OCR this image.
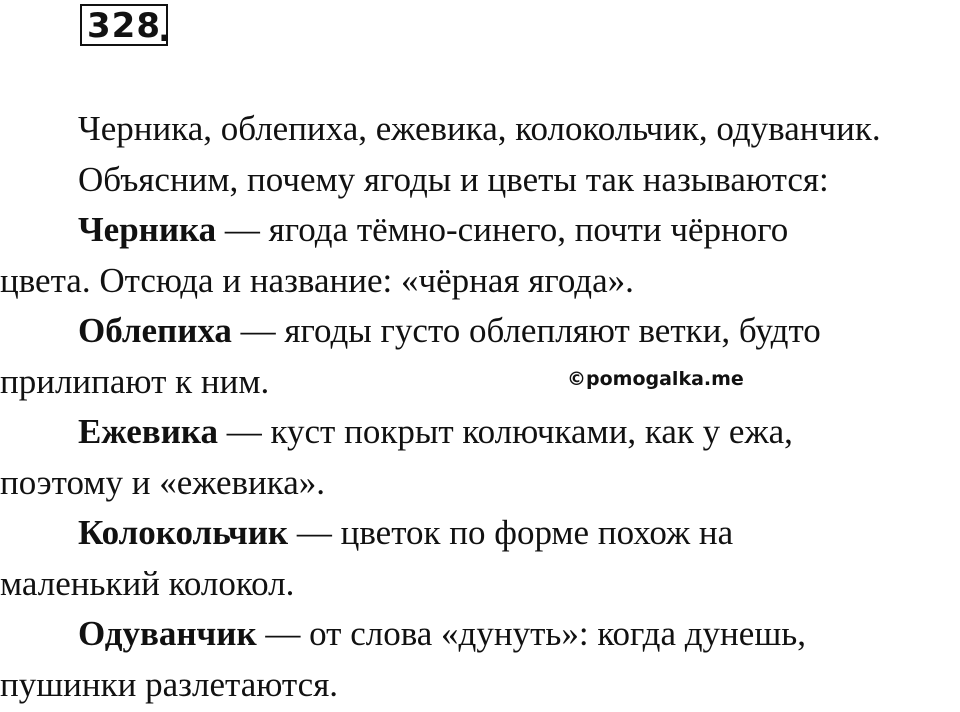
328
.
Черника, облепиха, ежевика, колокольчик, одуванчик.
Объясним, почему ягоды и цветы так называются:
Черника — ягода тёмно-синего, почти чёрного
цвета. Отсюда и название: «чёрная ягода».
Облепиха — ягоды густо облепляют ветки, будто
прилипают к ним.
Ежевика — куст покрыт колючками, как у ежа,
поэтому и «ежевика».
Колокольчик — цветок по форме похож на
маленький колокол.
Одуванчик — от слова «дунуть»: когда дунешь,
пушинки разлетаются.
©pomogalka.me
